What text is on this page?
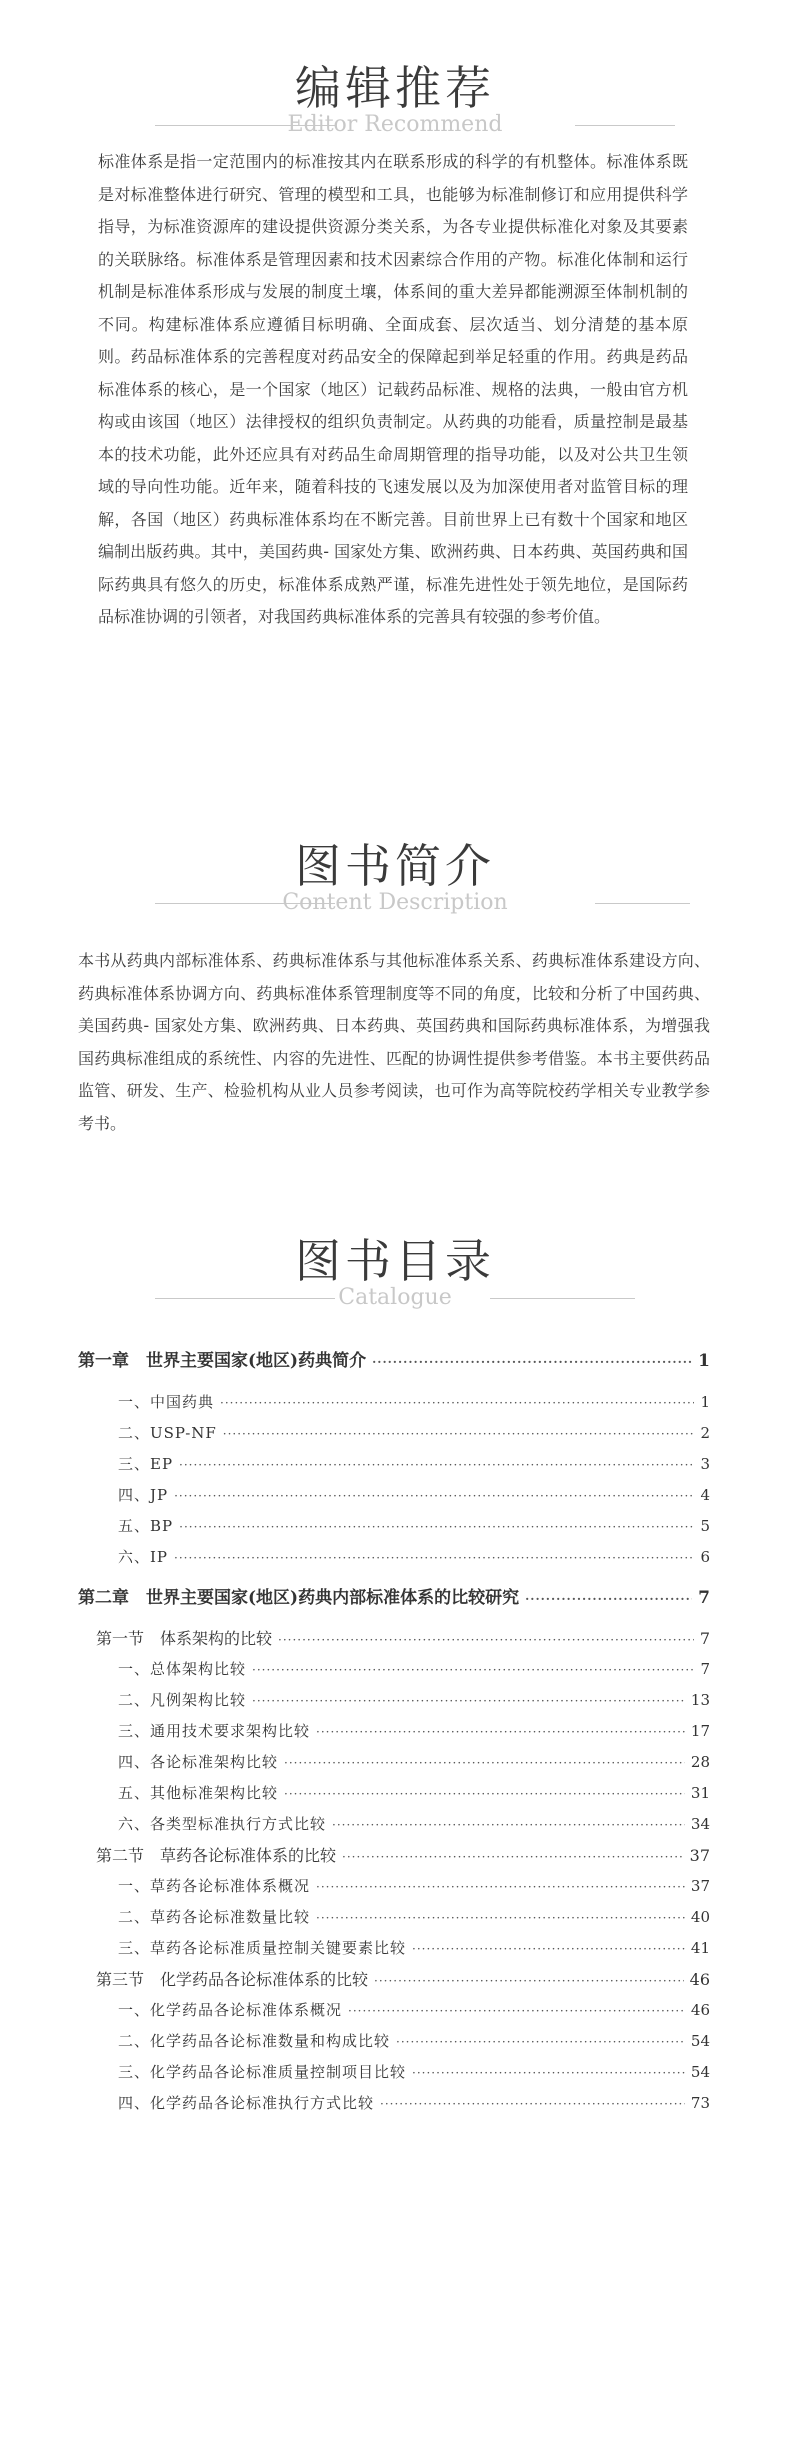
编辑推荐
Editor Recommend

标准体系是指一定范围内的标准按其内在联系形成的科学的有机整体。标准体系既是对标准整体进行研究、管理的模型和工具，也能够为标准制修订和应用提供科学指导，为标准资源库的建设提供资源分类关系，为各专业提供标准化对象及其要素的关联脉络。标准体系是管理因素和技术因素综合作用的产物。标准化体制和运行机制是标准体系形成与发展的制度土壤，体系间的重大差异都能溯源至体制机制的不同。构建标准体系应遵循目标明确、全面成套、层次适当、划分清楚的基本原则。药品标准体系的完善程度对药品安全的保障起到举足轻重的作用。药典是药品标准体系的核心，是一个国家（地区）记载药品标准、规格的法典，一般由官方机构或由该国（地区）法律授权的组织负责制定。从药典的功能看，质量控制是最基本的技术功能，此外还应具有对药品生命周期管理的指导功能，以及对公共卫生领域的导向性功能。近年来，随着科技的飞速发展以及为加深使用者对监管目标的理解，各国（地区）药典标准体系均在不断完善。目前世界上已有数十个国家和地区编制出版药典。其中，美国药典- 国家处方集、欧洲药典、日本药典、英国药典和国际药典具有悠久的历史，标准体系成熟严谨，标准先进性处于领先地位，是国际药品标准协调的引领者，对我国药典标准体系的完善具有较强的参考价值。

图书简介
Content Description

本书从药典内部标准体系、药典标准体系与其他标准体系关系、药典标准体系建设方向、药典标准体系协调方向、药典标准体系管理制度等不同的角度，比较和分析了中国药典、美国药典- 国家处方集、欧洲药典、日本药典、英国药典和国际药典标准体系，为增强我国药典标准组成的系统性、内容的先进性、匹配的协调性提供参考借鉴。本书主要供药品监管、研发、生产、检验机构从业人员参考阅读，也可作为高等院校药学相关专业教学参考书。

图书目录
Catalogue
第一章　世界主要国家(地区)药典简介 ·····	1
一、中国药典 ·····	1
二、USP-NF ·····	2
三、EP ·····	3
四、JP ·····	4
五、BP ·····	5
六、IP ·····	6
第二章　世界主要国家(地区)药典内部标准体系的比较研究 ·····	7
第一节　体系架构的比较 ·····	7
一、总体架构比较 ·····	7
二、凡例架构比较 ·····	13
三、通用技术要求架构比较 ·····	17
四、各论标准架构比较 ·····	28
五、其他标准架构比较 ·····	31
六、各类型标准执行方式比较 ·····	34
第二节　草药各论标准体系的比较 ·····	37
一、草药各论标准体系概况 ·····	37
二、草药各论标准数量比较 ·····	40
三、草药各论标准质量控制关键要素比较 ·····	41
第三节　化学药品各论标准体系的比较 ·····	46
一、化学药品各论标准体系概况 ·····	46
二、化学药品各论标准数量和构成比较 ·····	54
三、化学药品各论标准质量控制项目比较 ·····	54
四、化学药品各论标准执行方式比较 ·····	73
